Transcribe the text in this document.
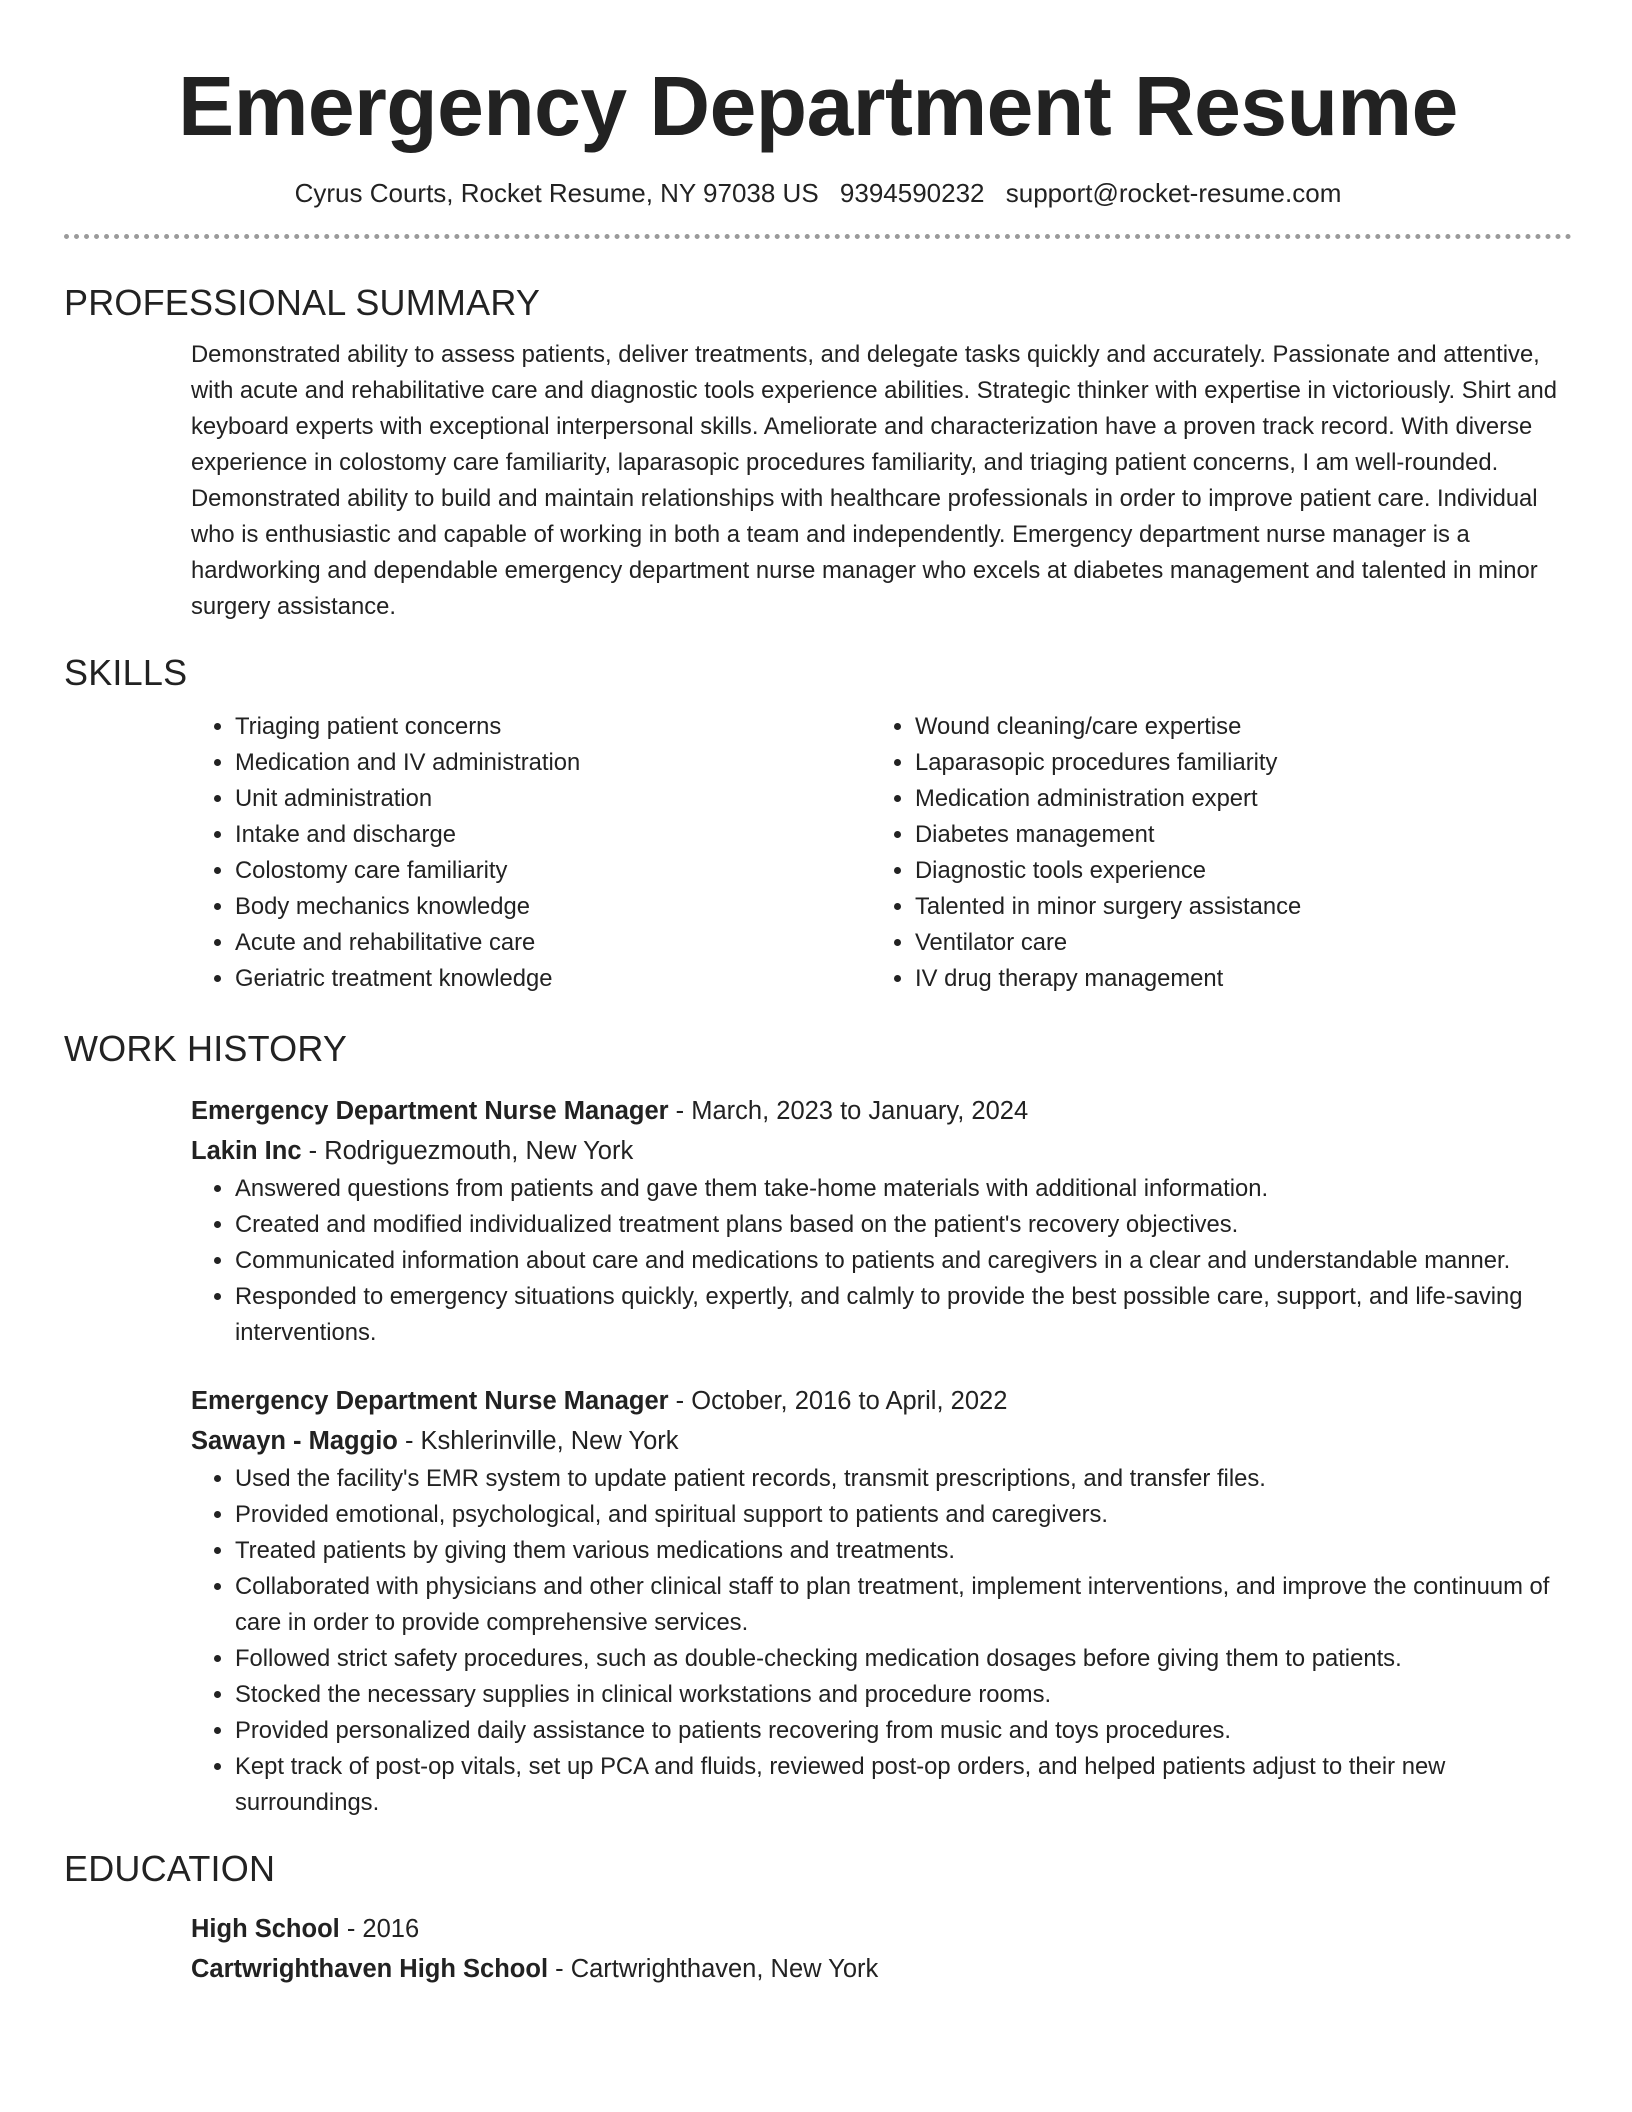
Emergency Department Resume
Cyrus Courts, Rocket Resume, NY 97038 US 9394590232 support@rocket-resume.com
PROFESSIONAL SUMMARY

Demonstrated ability to assess patients, deliver treatments, and delegate tasks quickly and accurately. Passionate and attentive, with acute and rehabilitative care and diagnostic tools experience abilities. Strategic thinker with expertise in victoriously. Shirt and keyboard experts with exceptional interpersonal skills. Ameliorate and characterization have a proven track record. With diverse experience in colostomy care familiarity, laparasopic procedures familiarity, and triaging patient concerns, I am well-rounded. Demonstrated ability to build and maintain relationships with healthcare professionals in order to improve patient care. Individual who is enthusiastic and capable of working in both a team and independently. Emergency department nurse manager is a hardworking and dependable emergency department nurse manager who excels at diabetes management and talented in minor surgery assistance.

SKILLS
• Triaging patient concerns
• Medication and IV administration
• Unit administration
• Intake and discharge
• Colostomy care familiarity
• Body mechanics knowledge
• Acute and rehabilitative care
• Geriatric treatment knowledge
• Wound cleaning/care expertise
• Laparasopic procedures familiarity
• Medication administration expert
• Diabetes management
• Diagnostic tools experience
• Talented in minor surgery assistance
• Ventilator care
• IV drug therapy management
WORK HISTORY
Emergency Department Nurse Manager - March, 2023 to January, 2024
Lakin Inc - Rodriguezmouth, New York
• Answered questions from patients and gave them take-home materials with additional information.
• Created and modified individualized treatment plans based on the patient's recovery objectives.
• Communicated information about care and medications to patients and caregivers in a clear and understandable manner.
• Responded to emergency situations quickly, expertly, and calmly to provide the best possible care, support, and life-saving interventions.
Emergency Department Nurse Manager - October, 2016 to April, 2022
Sawayn - Maggio - Kshlerinville, New York
• Used the facility's EMR system to update patient records, transmit prescriptions, and transfer files.
• Provided emotional, psychological, and spiritual support to patients and caregivers.
• Treated patients by giving them various medications and treatments.
• Collaborated with physicians and other clinical staff to plan treatment, implement interventions, and improve the continuum of care in order to provide comprehensive services.
• Followed strict safety procedures, such as double-checking medication dosages before giving them to patients.
• Stocked the necessary supplies in clinical workstations and procedure rooms.
• Provided personalized daily assistance to patients recovering from music and toys procedures.
• Kept track of post-op vitals, set up PCA and fluids, reviewed post-op orders, and helped patients adjust to their new surroundings.
EDUCATION
High School - 2016
Cartwrighthaven High School - Cartwrighthaven, New York
